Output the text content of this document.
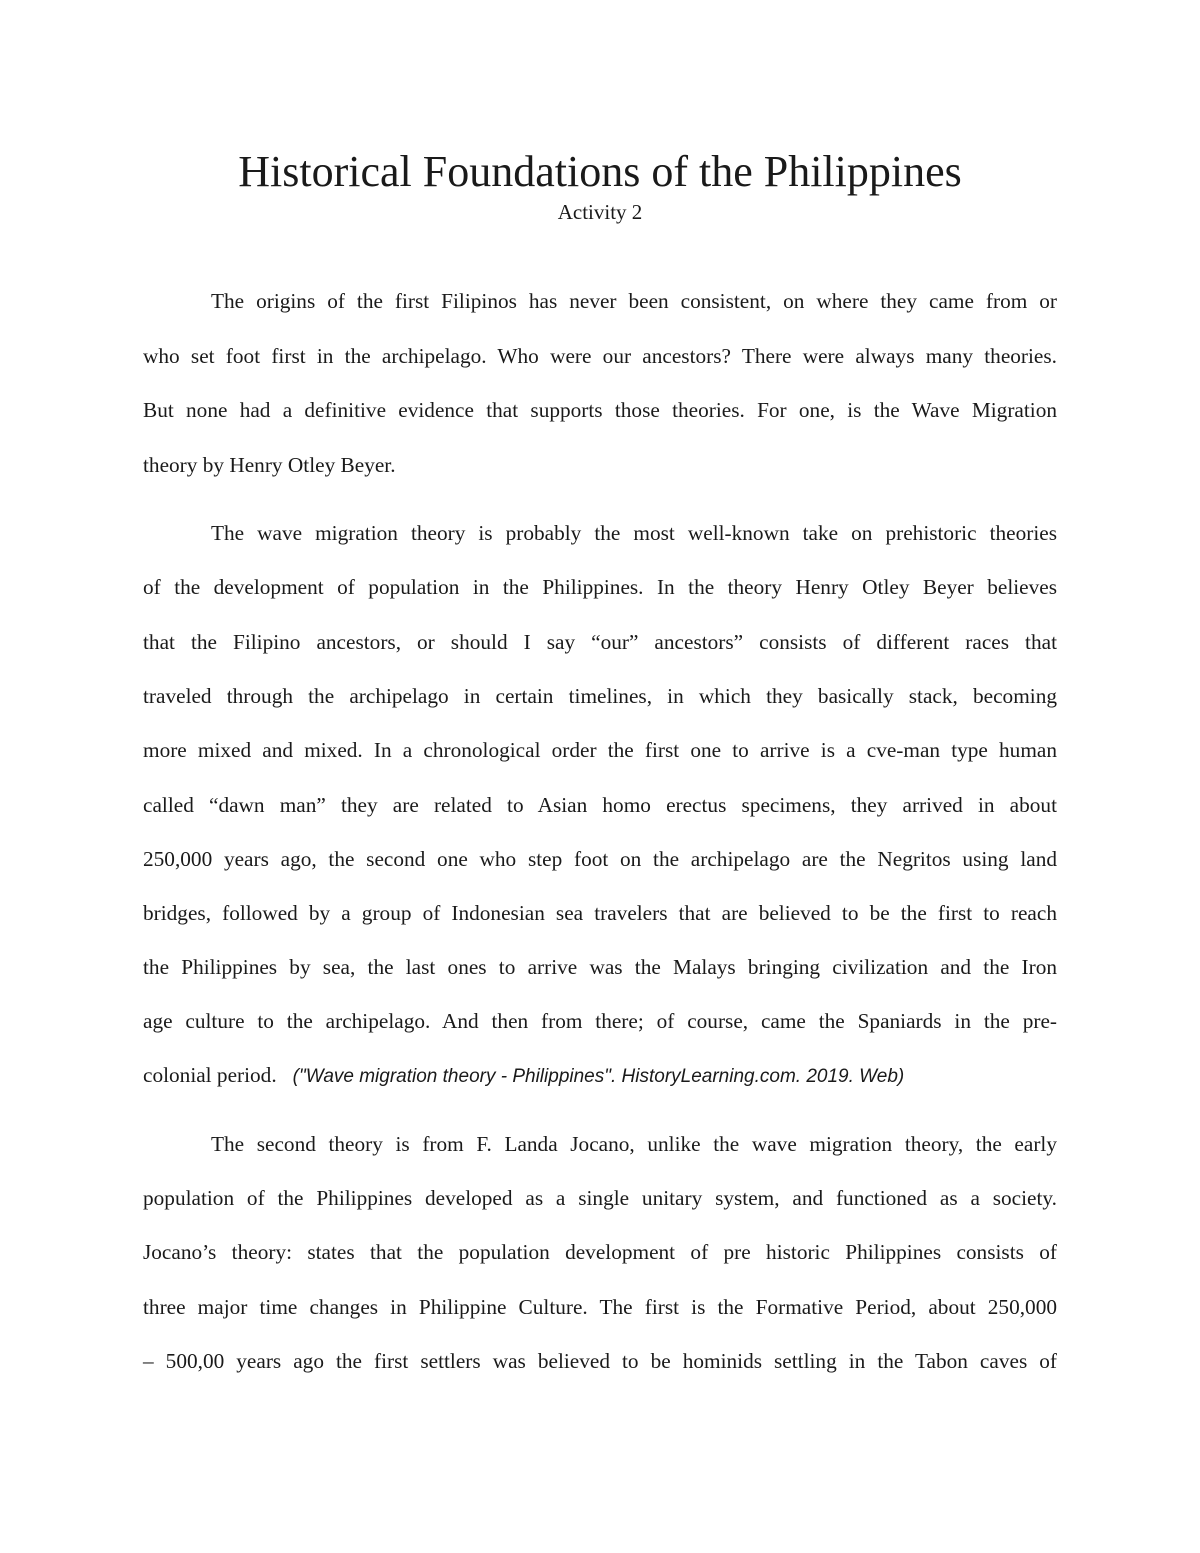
Historical Foundations of the Philippines
Activity 2
The origins of the first Filipinos has never been consistent, on where they came from or
who set foot first in the archipelago. Who were our ancestors? There were always many theories.
But none had a definitive evidence that supports those theories. For one, is the Wave Migration
theory by Henry Otley Beyer.
The wave migration theory is probably the most well-known take on prehistoric theories
of the development of population in the Philippines. In the theory Henry Otley Beyer believes
that the Filipino ancestors, or should I say “our” ancestors” consists of different races that
traveled through the archipelago in certain timelines, in which they basically stack, becoming
more mixed and mixed. In a chronological order the first one to arrive is a cve-man type human
called “dawn man” they are related to Asian homo erectus specimens, they arrived in about
250,000 years ago, the second one who step foot on the archipelago are the Negritos using land
bridges, followed by a group of Indonesian sea travelers that are believed to be the first to reach
the Philippines by sea, the last ones to arrive was the Malays bringing civilization and the Iron
age culture to the archipelago. And then from there; of course, came the Spaniards in the pre-
colonial period. ("Wave migration theory - Philippines". HistoryLearning.com. 2019. Web)
The second theory is from F. Landa Jocano, unlike the wave migration theory, the early
population of the Philippines developed as a single unitary system, and functioned as a society.
Jocano’s theory: states that the population development of pre historic Philippines consists of
three major time changes in Philippine Culture. The first is the Formative Period, about 250,000
– 500,00 years ago the first settlers was believed to be hominids settling in the Tabon caves of
